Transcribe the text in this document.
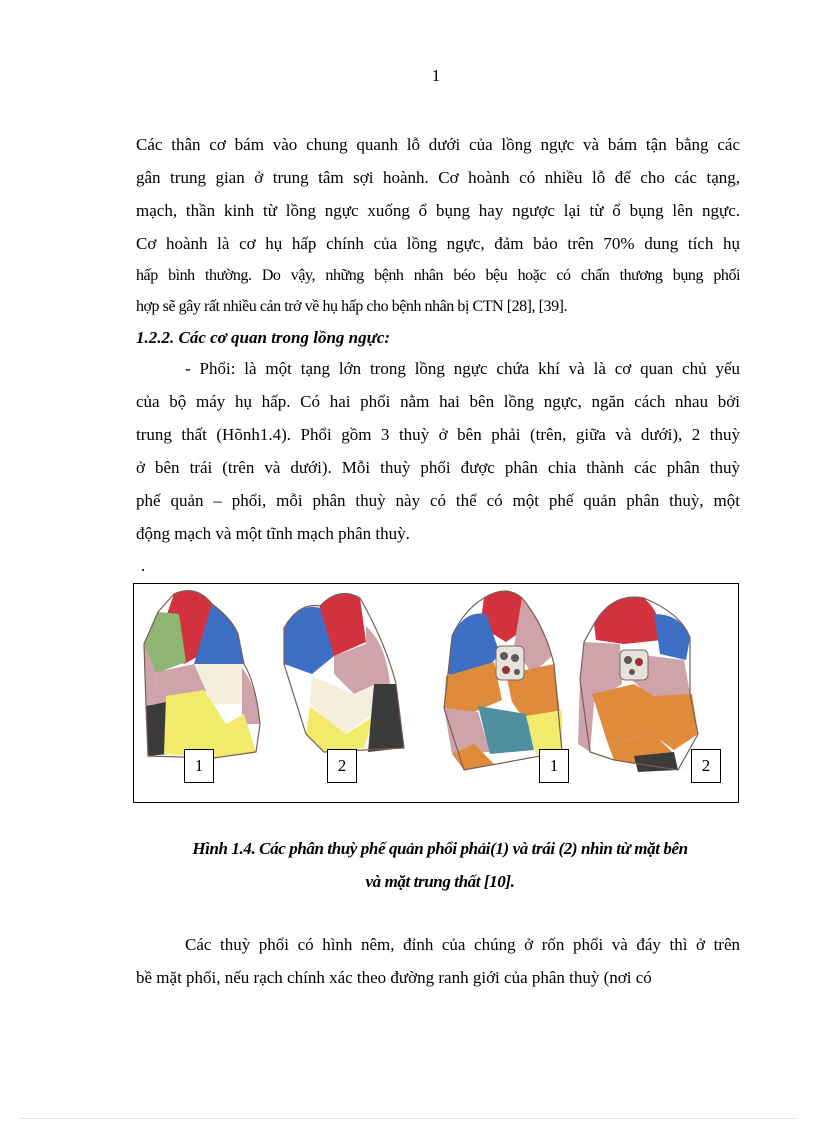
1
Các thân cơ bám vào chung quanh lỗ dưới của lồng ngực và bám tận bằng các
gân trung gian ở trung tâm sợi hoành. Cơ hoành có nhiều lỗ để cho các tạng,
mạch, thần kinh từ lồng ngực xuống ổ bụng hay ngược lại từ ổ bụng lên ngực.
Cơ hoành là cơ hụ hấp chính của lồng ngực, đảm bảo trên 70% dung tích hụ
hấp bình thường. Do vậy, những bệnh nhân béo bệu hoặc có chấn thương bụng phối
hợp sẽ gây rất nhiều cản trở về hụ hấp cho bệnh nhân bị CTN [28], [39].
1.2.2. Các cơ quan trong lồng ngực:
- Phổi: là một tạng lớn trong lồng ngực chứa khí và là cơ quan chủ yếu
của bộ máy hụ hấp. Có hai phổi nằm hai bên lồng ngực, ngăn cách nhau bởi
trung thất (Hõnh1.4). Phổi gồm 3 thuỳ ở bên phải (trên, giữa và dưới), 2 thuỳ
ở bên trái (trên và dưới). Mỗi thuỳ phổi được phân chia thành các phân thuỳ
phế quản – phổi, mỗi phân thuỳ này có thể có một phế quản phân thuỳ, một
động mạch và một tĩnh mạch phân thuỳ.
.
1	2	1	2
Hình 1.4. Các phân thuỳ phế quản phổi phải(1) và trái (2) nhìn từ mặt bên
và mặt trung thất [10].
Các thuỳ phổi có hình nêm, đỉnh của chúng ở rốn phổi và đáy thì ở trên
bề mặt phổi, nếu rạch chính xác theo đường ranh giới của phân thuỳ (nơi có
